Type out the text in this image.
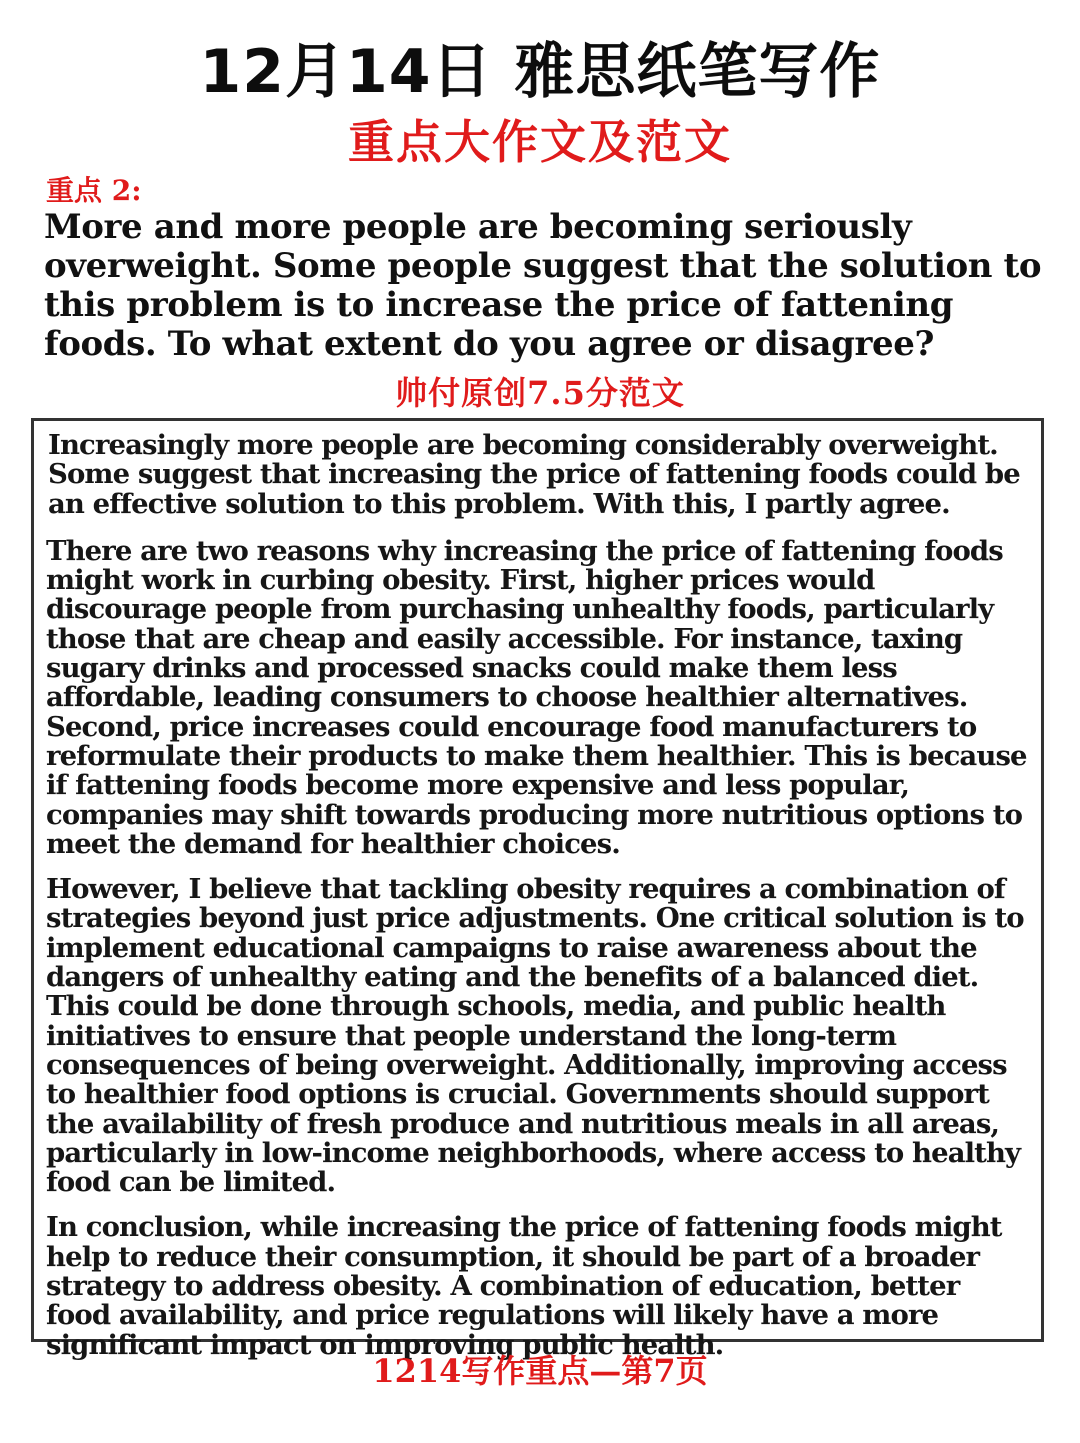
12月14日 雅思纸笔写作
重点大作文及范文
重点 2:

More and more people are becoming seriously overweight. Some people suggest that the solution to this problem is to increase the price of fattening foods. To what extent do you agree or disagree?

帅付原创7.5分范文

Increasingly more people are becoming considerably overweight. Some suggest that increasing the price of fattening foods could be an effective solution to this problem. With this, I partly agree.

There are two reasons why increasing the price of fattening foods might work in curbing obesity. First, higher prices would discourage people from purchasing unhealthy foods, particularly those that are cheap and easily accessible. For instance, taxing sugary drinks and processed snacks could make them less affordable, leading consumers to choose healthier alternatives. Second, price increases could encourage food manufacturers to reformulate their products to make them healthier. This is because if fattening foods become more expensive and less popular, companies may shift towards producing more nutritious options to meet the demand for healthier choices.

However, I believe that tackling obesity requires a combination of strategies beyond just price adjustments. One critical solution is to implement educational campaigns to raise awareness about the dangers of unhealthy eating and the benefits of a balanced diet. This could be done through schools, media, and public health initiatives to ensure that people understand the long-term consequences of being overweight. Additionally, improving access to healthier food options is crucial. Governments should support the availability of fresh produce and nutritious meals in all areas, particularly in low-income neighborhoods, where access to healthy food can be limited.

In conclusion, while increasing the price of fattening foods might help to reduce their consumption, it should be part of a broader strategy to address obesity. A combination of education, better food availability, and price regulations will likely have a more significant impact on improving public health.

1214写作重点—第7页
